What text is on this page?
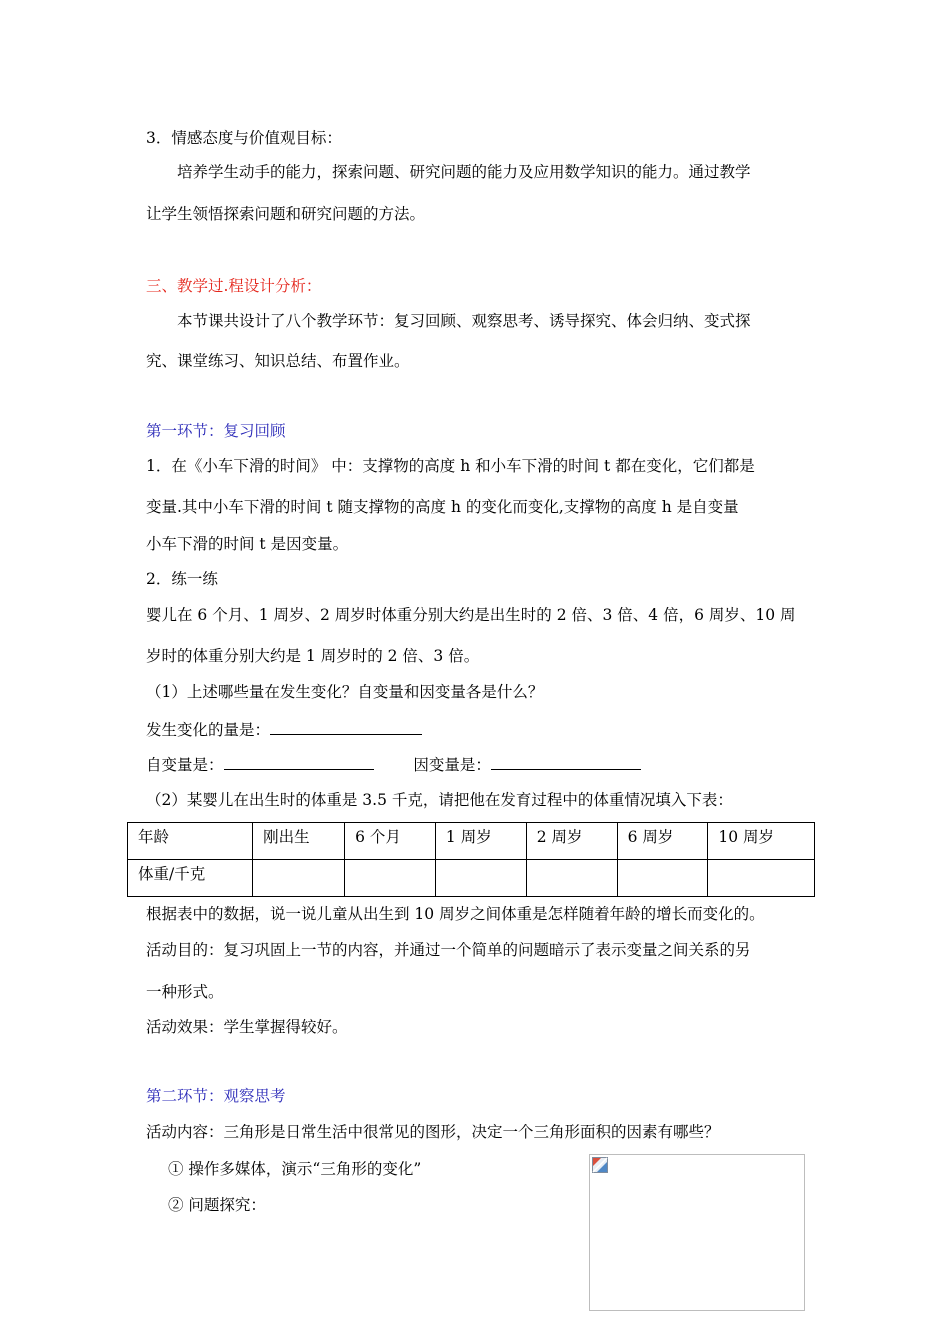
3．情感态度与价值观目标：
培养学生动手的能力，探索问题、研究问题的能力及应用数学知识的能力。通过教学
让学生领悟探索问题和研究问题的方法。
三、教学过.程设计分析：
本节课共设计了八个教学环节：复习回顾、观察思考、诱导探究、体会归纳、变式探
究、课堂练习、知识总结、布置作业。
第一环节：复习回顾
1．在《小车下滑的时间》 中：支撑物的高度 h 和小车下滑的时间 t 都在变化，它们都是
变量.其中小车下滑的时间 t 随支撑物的高度 h 的变化而变化,支撑物的高度 h 是自变量
小车下滑的时间 t 是因变量。
2．练一练
婴儿在 6 个月、1 周岁、2 周岁时体重分别大约是出生时的 2 倍、3 倍、4 倍，6 周岁、10 周
岁时的体重分别大约是 1 周岁时的 2 倍、3 倍。
（1）上述哪些量在发生变化？自变量和因变量各是什么？
发生变化的量是：
自变量是：	因变量是：
（2）某婴儿在出生时的体重是 3.5 千克，请把他在发育过程中的体重情况填入下表：
年龄	刚出生	6 个月	1 周岁	2 周岁	6 周岁	10 周岁
体重/千克						
根据表中的数据，说一说儿童从出生到 10 周岁之间体重是怎样随着年龄的增长而变化的。
活动目的：复习巩固上一节的内容，并通过一个简单的问题暗示了表示变量之间关系的另
一种形式。
活动效果：学生掌握得较好。
第二环节：观察思考
活动内容：三角形是日常生活中很常见的图形，决定一个三角形面积的因素有哪些？
① 操作多媒体，演示“三角形的变化”
② 问题探究：
